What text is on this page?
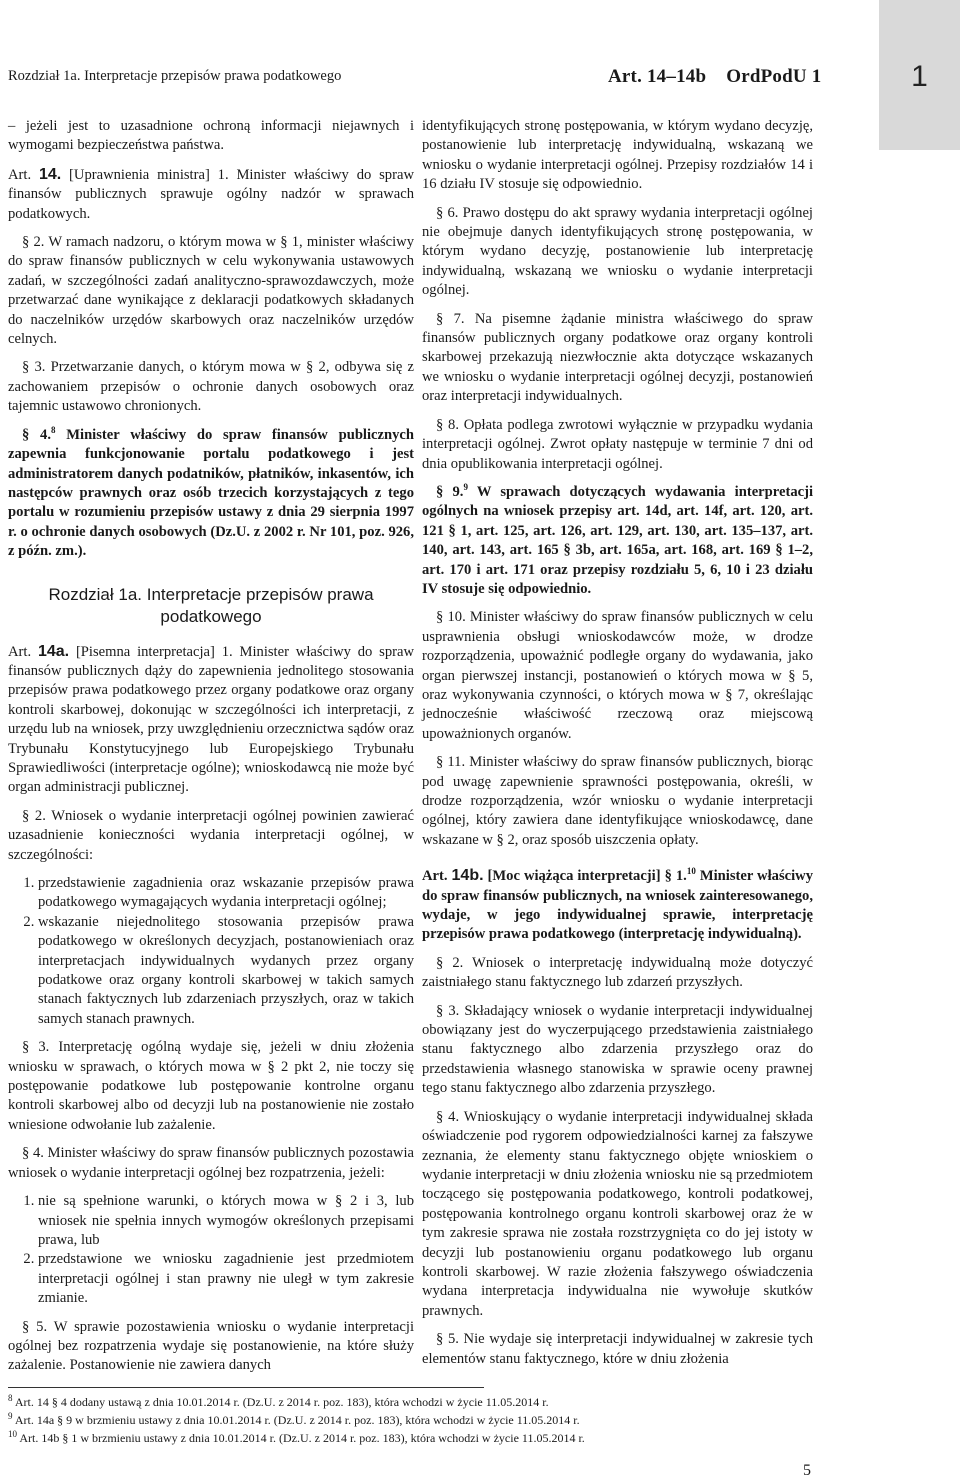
1
Rozdział 1a. Interpretacje przepisów prawa podatkowego	Art. 14–14b OrdPodU 1

– jeżeli jest to uzasadnione ochroną informacji niejawnych i wymogami bezpieczeństwa państwa.

Art. 14. [Uprawnienia ministra] 1. Minister właściwy do spraw finansów publicznych sprawuje ogólny nadzór w sprawach podatkowych.

§ 2. W ramach nadzoru, o którym mowa w § 1, minister właściwy do spraw finansów publicznych w celu wykonywania ustawowych zadań, w szczególności zadań analityczno-sprawozdawczych, może przetwarzać dane wynikające z deklaracji podatkowych składanych do naczelników urzędów skarbowych oraz naczelników urzędów celnych.

§ 3. Przetwarzanie danych, o którym mowa w § 2, odbywa się z zachowaniem przepisów o ochronie danych osobowych oraz tajemnic ustawowo chronionych.

§ 4.$^8$ Minister właściwy do spraw finansów publicznych zapewnia funkcjonowanie portalu podatkowego i jest administratorem danych podatników, płatników, inkasentów, ich następców prawnych oraz osób trzecich korzystających z tego portalu w rozumieniu przepisów ustawy z dnia 29 sierpnia 1997 r. o ochronie danych osobowych (Dz.U. z 2002 r. Nr 101, poz. 926, z późn. zm.).

Rozdział 1a. Interpretacje przepisów prawa podatkowego

Art. 14a. [Pisemna interpretacja] 1. Minister właściwy do spraw finansów publicznych dąży do zapewnienia jednolitego stosowania przepisów prawa podatkowego przez organy podatkowe oraz organy kontroli skarbowej, dokonując w szczególności ich interpretacji, z urzędu lub na wniosek, przy uwzględnieniu orzecznictwa sądów oraz Trybunału Konstytucyjnego lub Europejskiego Trybunału Sprawiedliwości (interpretacje ogólne); wnioskodawcą nie może być organ administracji publicznej.

§ 2. Wniosek o wydanie interpretacji ogólnej powinien zawierać uzasadnienie konieczności wydania interpretacji ogólnej, w szczególności:

1. przedstawienie zagadnienia oraz wskazanie przepisów prawa podatkowego wymagających wydania interpretacji ogólnej;
2. wskazanie niejednolitego stosowania przepisów prawa podatkowego w określonych decyzjach, postanowieniach oraz interpretacjach indywidualnych wydanych przez organy podatkowe oraz organy kontroli skarbowej w takich samych stanach faktycznych lub zdarzeniach przyszłych, oraz w takich samych stanach prawnych.

§ 3. Interpretację ogólną wydaje się, jeżeli w dniu złożenia wniosku w sprawach, o których mowa w § 2 pkt 2, nie toczy się postępowanie podatkowe lub postępowanie kontrolne organu kontroli skarbowej albo od decyzji lub na postanowienie nie zostało wniesione odwołanie lub zażalenie.

§ 4. Minister właściwy do spraw finansów publicznych pozostawia wniosek o wydanie interpretacji ogólnej bez rozpatrzenia, jeżeli:

1. nie są spełnione warunki, o których mowa w § 2 i 3, lub wniosek nie spełnia innych wymogów określonych przepisami prawa, lub
2. przedstawione we wniosku zagadnienie jest przedmiotem interpretacji ogólnej i stan prawny nie uległ w tym zakresie zmianie.

§ 5. W sprawie pozostawienia wniosku o wydanie interpretacji ogólnej bez rozpatrzenia wydaje się postanowienie, na które służy zażalenie. Postanowienie nie zawiera danych

identyfikujących stronę postępowania, w którym wydano decyzję, postanowienie lub interpretację indywidualną, wskazaną we wniosku o wydanie interpretacji ogólnej. Przepisy rozdziałów 14 i 16 działu IV stosuje się odpowiednio.

§ 6. Prawo dostępu do akt sprawy wydania interpretacji ogólnej nie obejmuje danych identyfikujących stronę postępowania, w którym wydano decyzję, postanowienie lub interpretację indywidualną, wskazaną we wniosku o wydanie interpretacji ogólnej.

§ 7. Na pisemne żądanie ministra właściwego do spraw finansów publicznych organy podatkowe oraz organy kontroli skarbowej przekazują niezwłocznie akta dotyczące wskazanych we wniosku o wydanie interpretacji ogólnej decyzji, postanowień oraz interpretacji indywidualnych.

§ 8. Opłata podlega zwrotowi wyłącznie w przypadku wydania interpretacji ogólnej. Zwrot opłaty następuje w terminie 7 dni od dnia opublikowania interpretacji ogólnej.

§ 9.$^9$ W sprawach dotyczących wydawania interpretacji ogólnych na wniosek przepisy art. 14d, art. 14f, art. 120, art. 121 § 1, art. 125, art. 126, art. 129, art. 130, art. 135–137, art. 140, art. 143, art. 165 § 3b, art. 165a, art. 168, art. 169 § 1–2, art. 170 i art. 171 oraz przepisy rozdziału 5, 6, 10 i 23 działu IV stosuje się odpowiednio.

§ 10. Minister właściwy do spraw finansów publicznych w celu usprawnienia obsługi wnioskodawców może, w drodze rozporządzenia, upoważnić podległe organy do wydawania, jako organ pierwszej instancji, postanowień o których mowa w § 5, oraz wykonywania czynności, o których mowa w § 7, określając jednocześnie właściwość rzeczową oraz miejscową upoważnionych organów.

§ 11. Minister właściwy do spraw finansów publicznych, biorąc pod uwagę zapewnienie sprawności postępowania, określi, w drodze rozporządzenia, wzór wniosku o wydanie interpretacji ogólnej, który zawiera dane identyfikujące wnioskodawcę, dane wskazane w § 2, oraz sposób uiszczenia opłaty.

Art. 14b. [Moc wiążąca interpretacji] § 1.10 Minister właściwy do spraw finansów publicznych, na wniosek zainteresowanego, wydaje, w jego indywidualnej sprawie, interpretację przepisów prawa podatkowego (interpretację indywidualną).

§ 2. Wniosek o interpretację indywidualną może dotyczyć zaistniałego stanu faktycznego lub zdarzeń przyszłych.

§ 3. Składający wniosek o wydanie interpretacji indywidualnej obowiązany jest do wyczerpującego przedstawienia zaistniałego stanu faktycznego albo zdarzenia przyszłego oraz do przedstawienia własnego stanowiska w sprawie oceny prawnej tego stanu faktycznego albo zdarzenia przyszłego.

§ 4. Wnioskujący o wydanie interpretacji indywidualnej składa oświadczenie pod rygorem odpowiedzialności karnej za fałszywe zeznania, że elementy stanu faktycznego objęte wnioskiem o wydanie interpretacji w dniu złożenia wniosku nie są przedmiotem toczącego się postępowania podatkowego, kontroli podatkowej, postępowania kontrolnego organu kontroli skarbowej oraz że w tym zakresie sprawa nie została rozstrzygnięta co do jej istoty w decyzji lub postanowieniu organu podatkowego lub organu kontroli skarbowej. W razie złożenia fałszywego oświadczenia wydana interpretacja indywidualna nie wywołuje skutków prawnych.

§ 5. Nie wydaje się interpretacji indywidualnej w zakresie tych elementów stanu faktycznego, które w dniu złożenia

$^8$ Art. 14 § 4 dodany ustawą z dnia 10.01.2014 r. (Dz.U. z 2014 r. poz. 183), która wchodzi w życie 11.05.2014 r.
$^9$ Art. 14a § 9 w brzmieniu ustawy z dnia 10.01.2014 r. (Dz.U. z 2014 r. poz. 183), która wchodzi w życie 11.05.2014 r.
$^{10}$ Art. 14b § 1 w brzmieniu ustawy z dnia 10.01.2014 r. (Dz.U. z 2014 r. poz. 183), która wchodzi w życie 11.05.2014 r.
5
